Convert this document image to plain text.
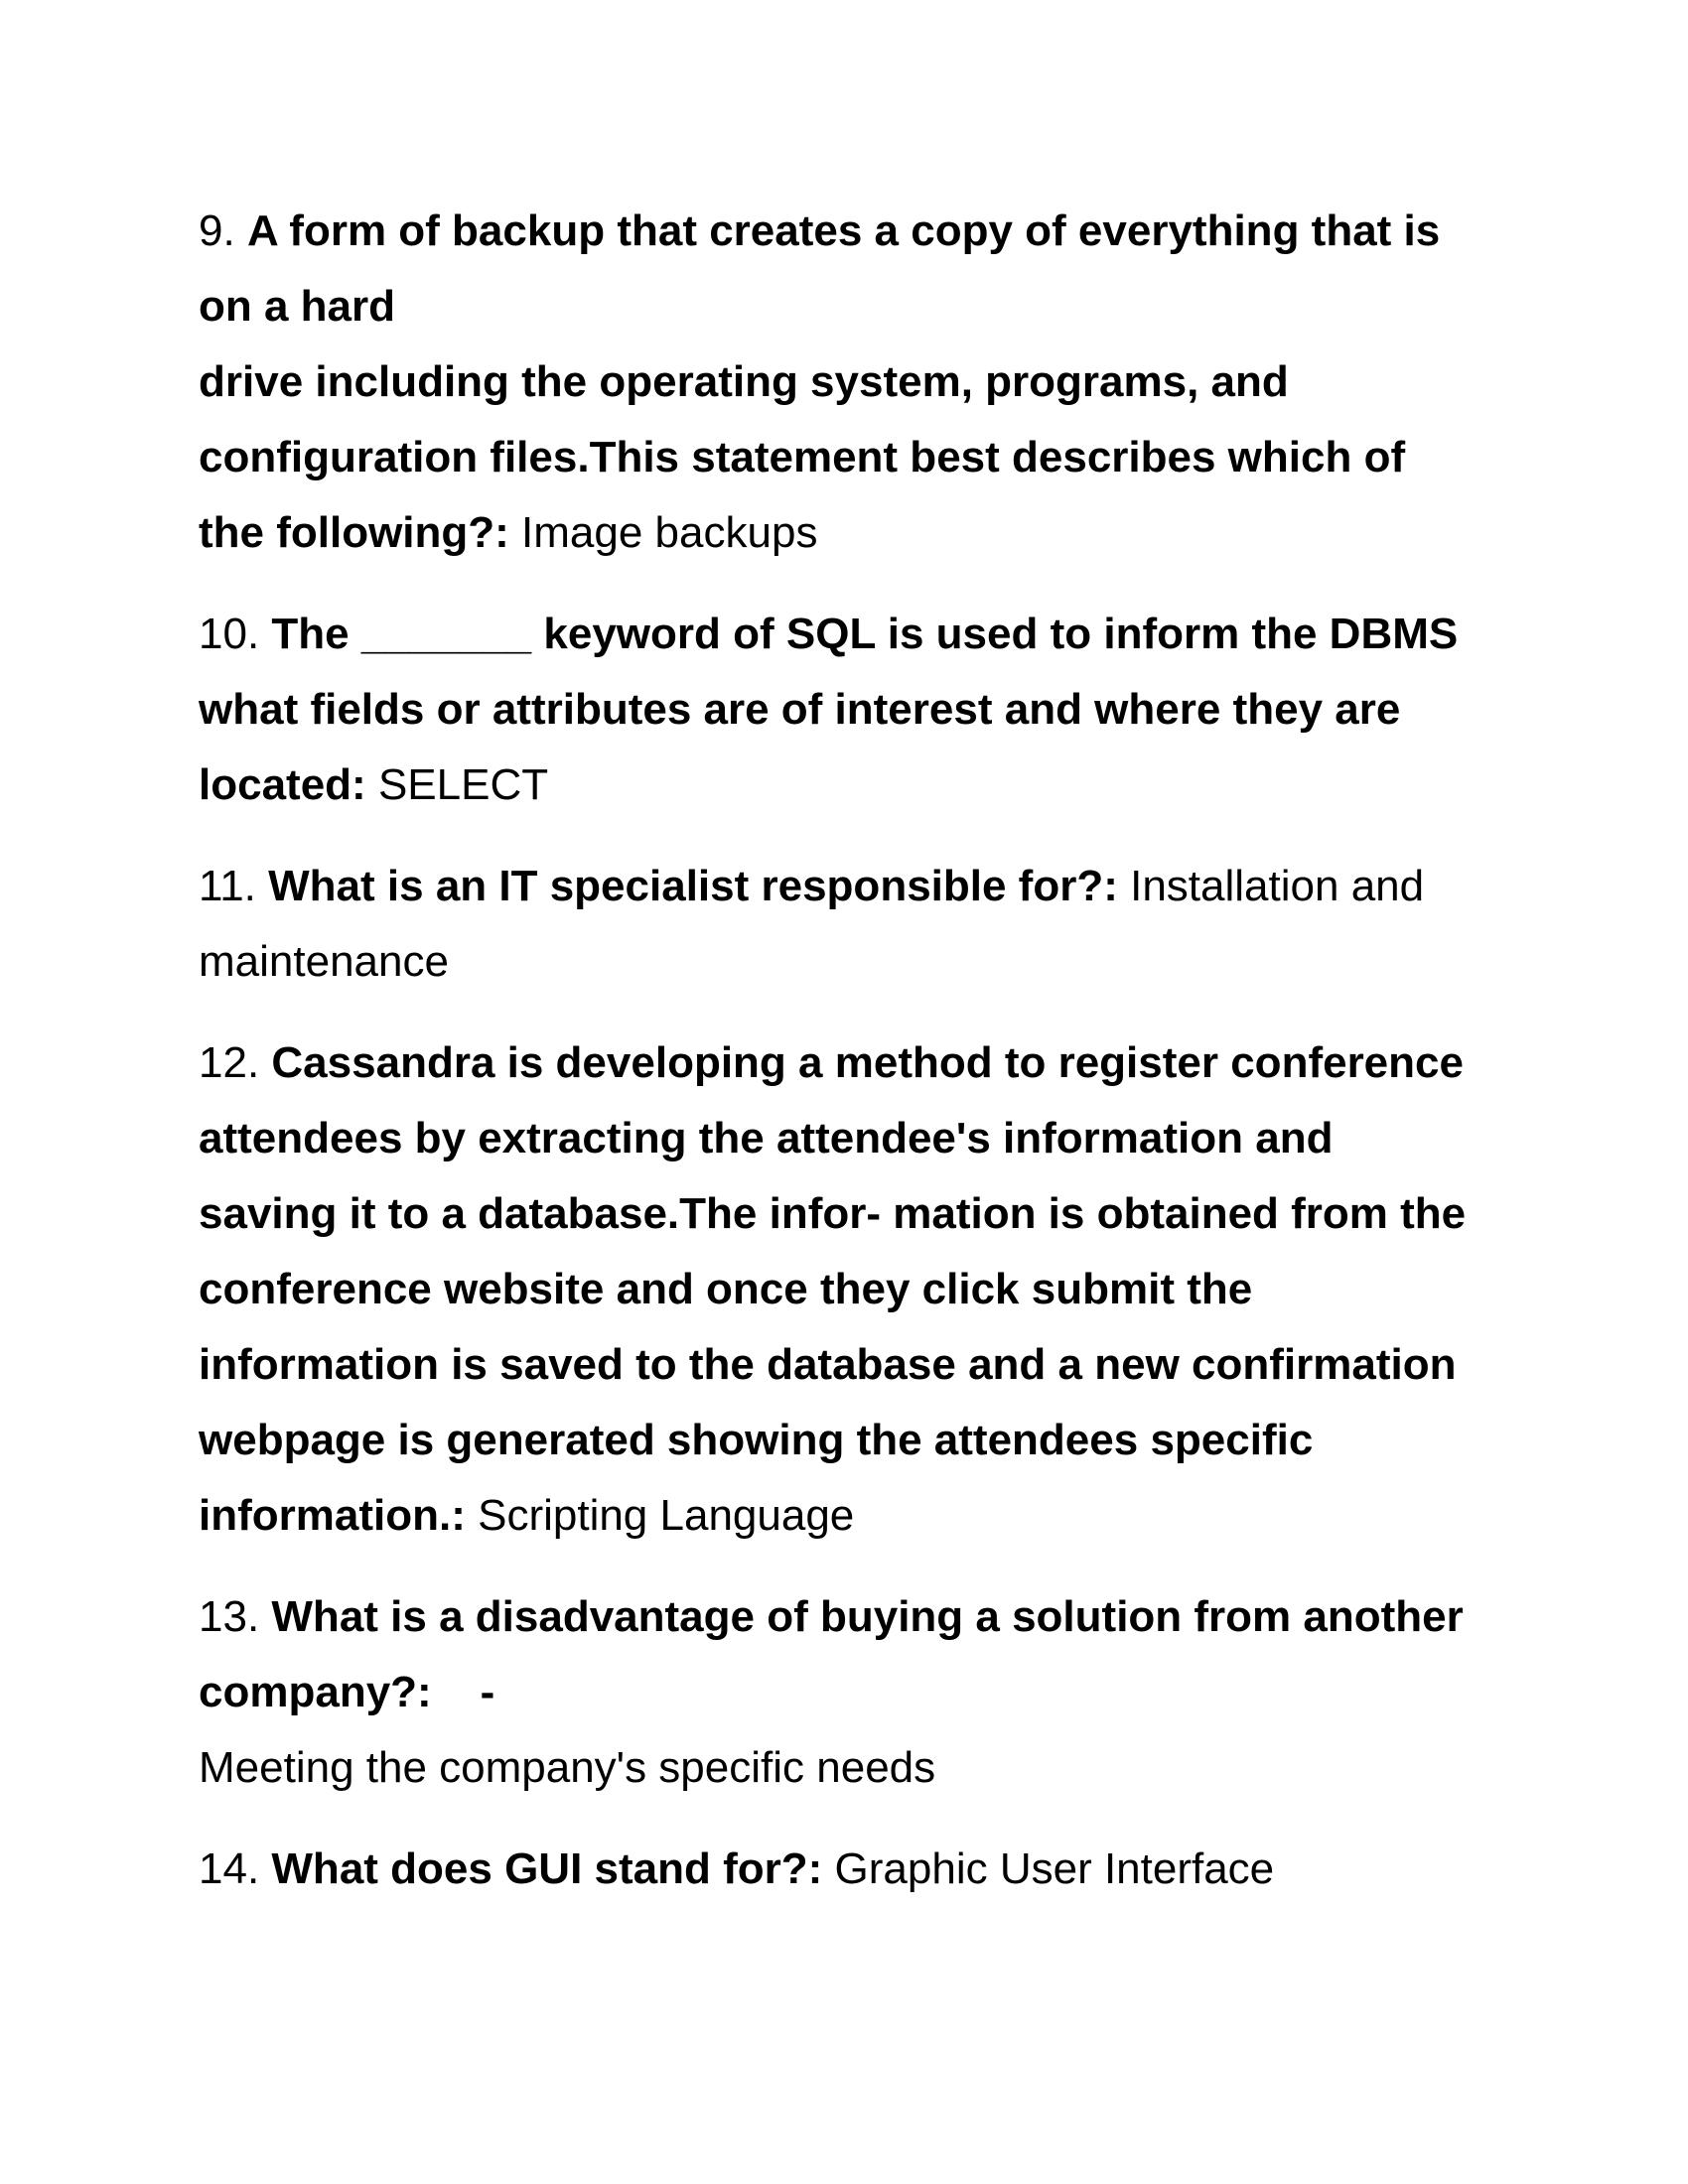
9. A form of backup that creates a copy of everything that is
on a hard
drive including the operating system, programs, and
configuration files.This statement best describes which of
the following?: Image backups
10. The _______ keyword of SQL is used to inform the DBMS
what fields or attributes are of interest and where they are
located: SELECT
11. What is an IT specialist responsible for?: Installation and
maintenance
12. Cassandra is developing a method to register conference
attendees by extracting the attendee's information and
saving it to a database.The infor- mation is obtained from the
conference website and once they click submit the
information is saved to the database and a new confirmation
webpage is generated showing the attendees specific
information.: Scripting Language
13. What is a disadvantage of buying a solution from another
company?:    -
Meeting the company's specific needs
14. What does GUI stand for?: Graphic User Interface
